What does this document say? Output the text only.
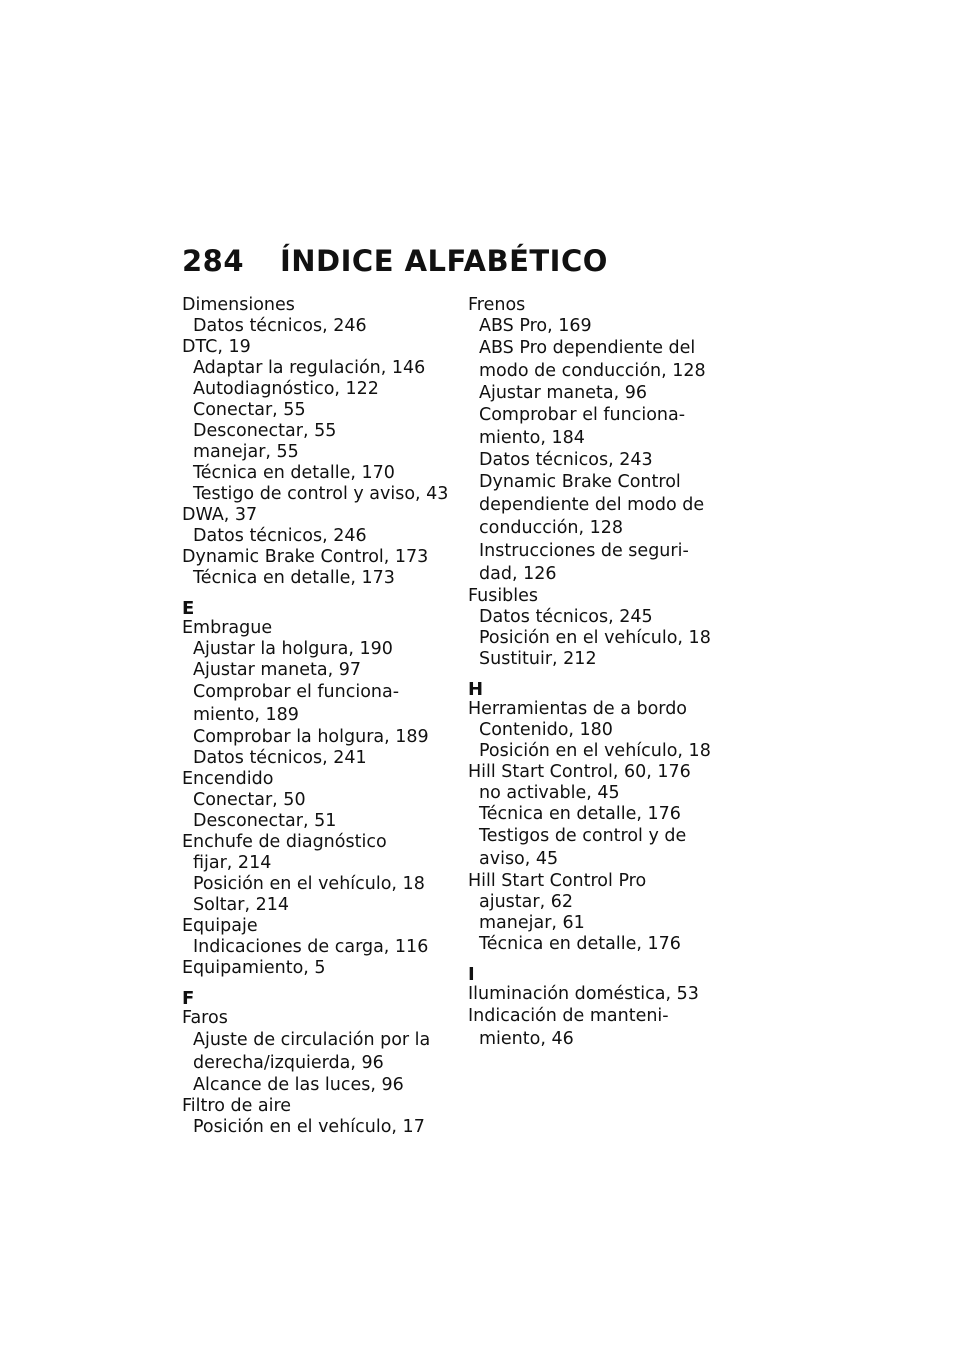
284 ÍNDICE ALFABÉTICO
Dimensiones
Datos técnicos, 246
DTC, 19
Adaptar la regulación, 146
Autodiagnóstico, 122
Conectar, 55
Desconectar, 55
manejar, 55
Técnica en detalle, 170
Testigo de control y aviso, 43
DWA, 37
Datos técnicos, 246
Dynamic Brake Control, 173
Técnica en detalle, 173
E
Embrague
Ajustar la holgura, 190
Ajustar maneta, 97
Comprobar el funciona-
miento, 189
Comprobar la holgura, 189
Datos técnicos, 241
Encendido
Conectar, 50
Desconectar, 51
Enchufe de diagnóstico
fijar, 214
Posición en el vehículo, 18
Soltar, 214
Equipaje
Indicaciones de carga, 116
Equipamiento, 5
F
Faros
Ajuste de circulación por la
derecha/izquierda, 96
Alcance de las luces, 96
Filtro de aire
Posición en el vehículo, 17
Frenos
ABS Pro, 169
ABS Pro dependiente del
modo de conducción, 128
Ajustar maneta, 96
Comprobar el funciona-
miento, 184
Datos técnicos, 243
Dynamic Brake Control
dependiente del modo de
conducción, 128
Instrucciones de seguri-
dad, 126
Fusibles
Datos técnicos, 245
Posición en el vehículo, 18
Sustituir, 212
H
Herramientas de a bordo
Contenido, 180
Posición en el vehículo, 18
Hill Start Control, 60, 176
no activable, 45
Técnica en detalle, 176
Testigos de control y de
aviso, 45
Hill Start Control Pro
ajustar, 62
manejar, 61
Técnica en detalle, 176
I
Iluminación doméstica, 53
Indicación de manteni-
miento, 46
